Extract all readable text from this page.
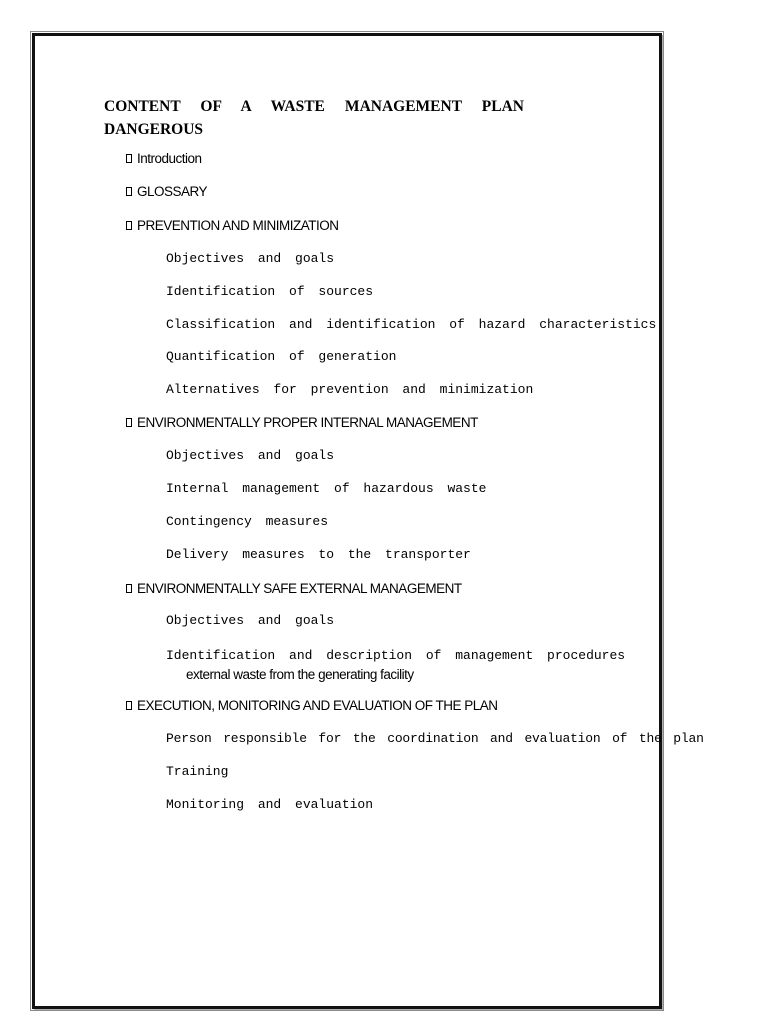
CONTENT OF A WASTE MANAGEMENT PLAN
DANGEROUS
Introduction
GLOSSARY
PREVENTION AND MINIMIZATION
Objectives and goals
Identification of sources
Classification and identification of hazard characteristics
Quantification of generation
Alternatives for prevention and minimization
ENVIRONMENTALLY PROPER INTERNAL MANAGEMENT
Objectives and goals
Internal management of hazardous waste
Contingency measures
Delivery measures to the transporter
ENVIRONMENTALLY SAFE EXTERNAL MANAGEMENT
Objectives and goals
Identification and description of management procedures
external waste from the generating facility
EXECUTION, MONITORING AND EVALUATION OF THE PLAN
Person responsible for the coordination and evaluation of the plan
Training
Monitoring and evaluation
